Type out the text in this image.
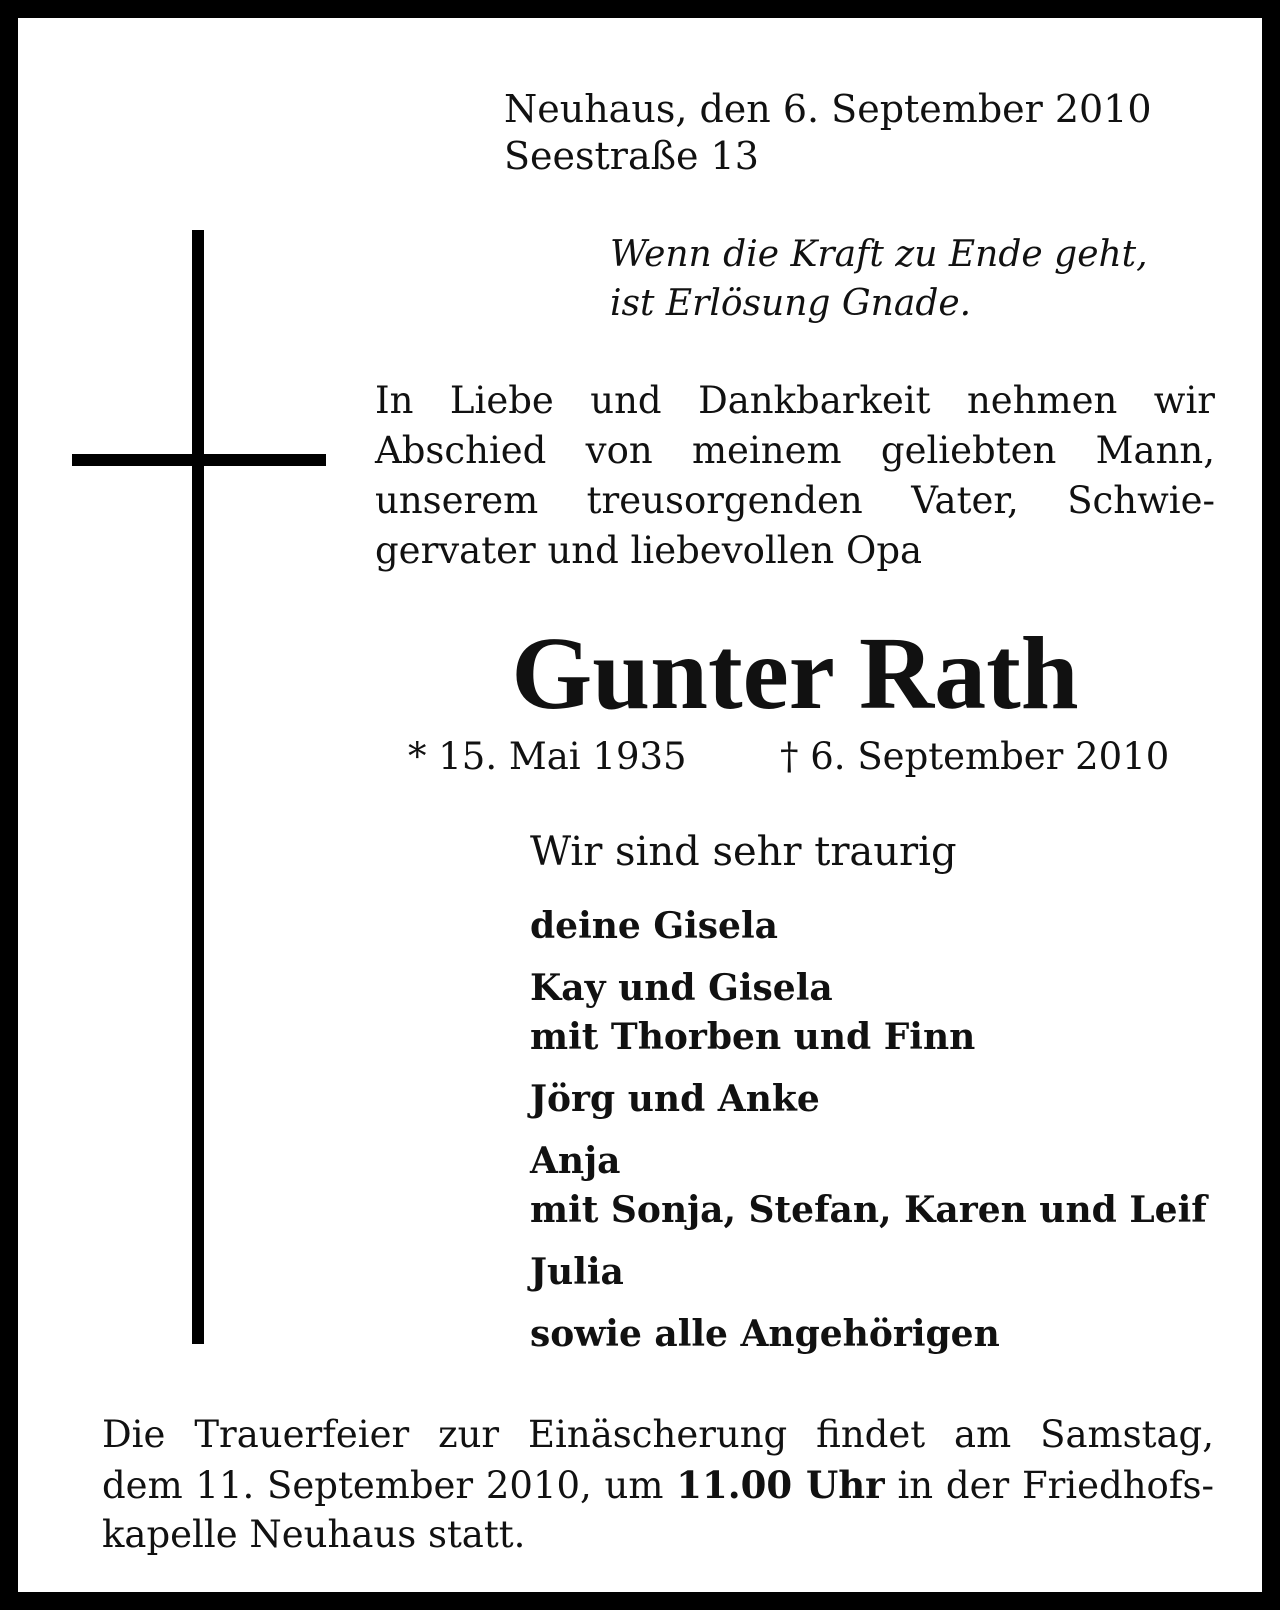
Neuhaus, den 6. September 2010
Seestraße 13
Wenn die Kraft zu Ende geht,
ist Erlösung Gnade.
In Liebe und Dankbarkeit nehmen wir
Abschied von meinem geliebten Mann,
unserem treusorgenden Vater, Schwie-
gervater und liebevollen Opa
Gunter Rath
* 15. Mai 1935	† 6. September 2010
Wir sind sehr traurig
deine Gisela
Kay und Gisela
mit Thorben und Finn
Jörg und Anke
Anja
mit Sonja, Stefan, Karen und Leif
Julia
sowie alle Angehörigen
Die Trauerfeier zur Einäscherung findet am Samstag,
dem 11. September 2010, um 11.00 Uhr in der Friedhofs-
kapelle Neuhaus statt.
